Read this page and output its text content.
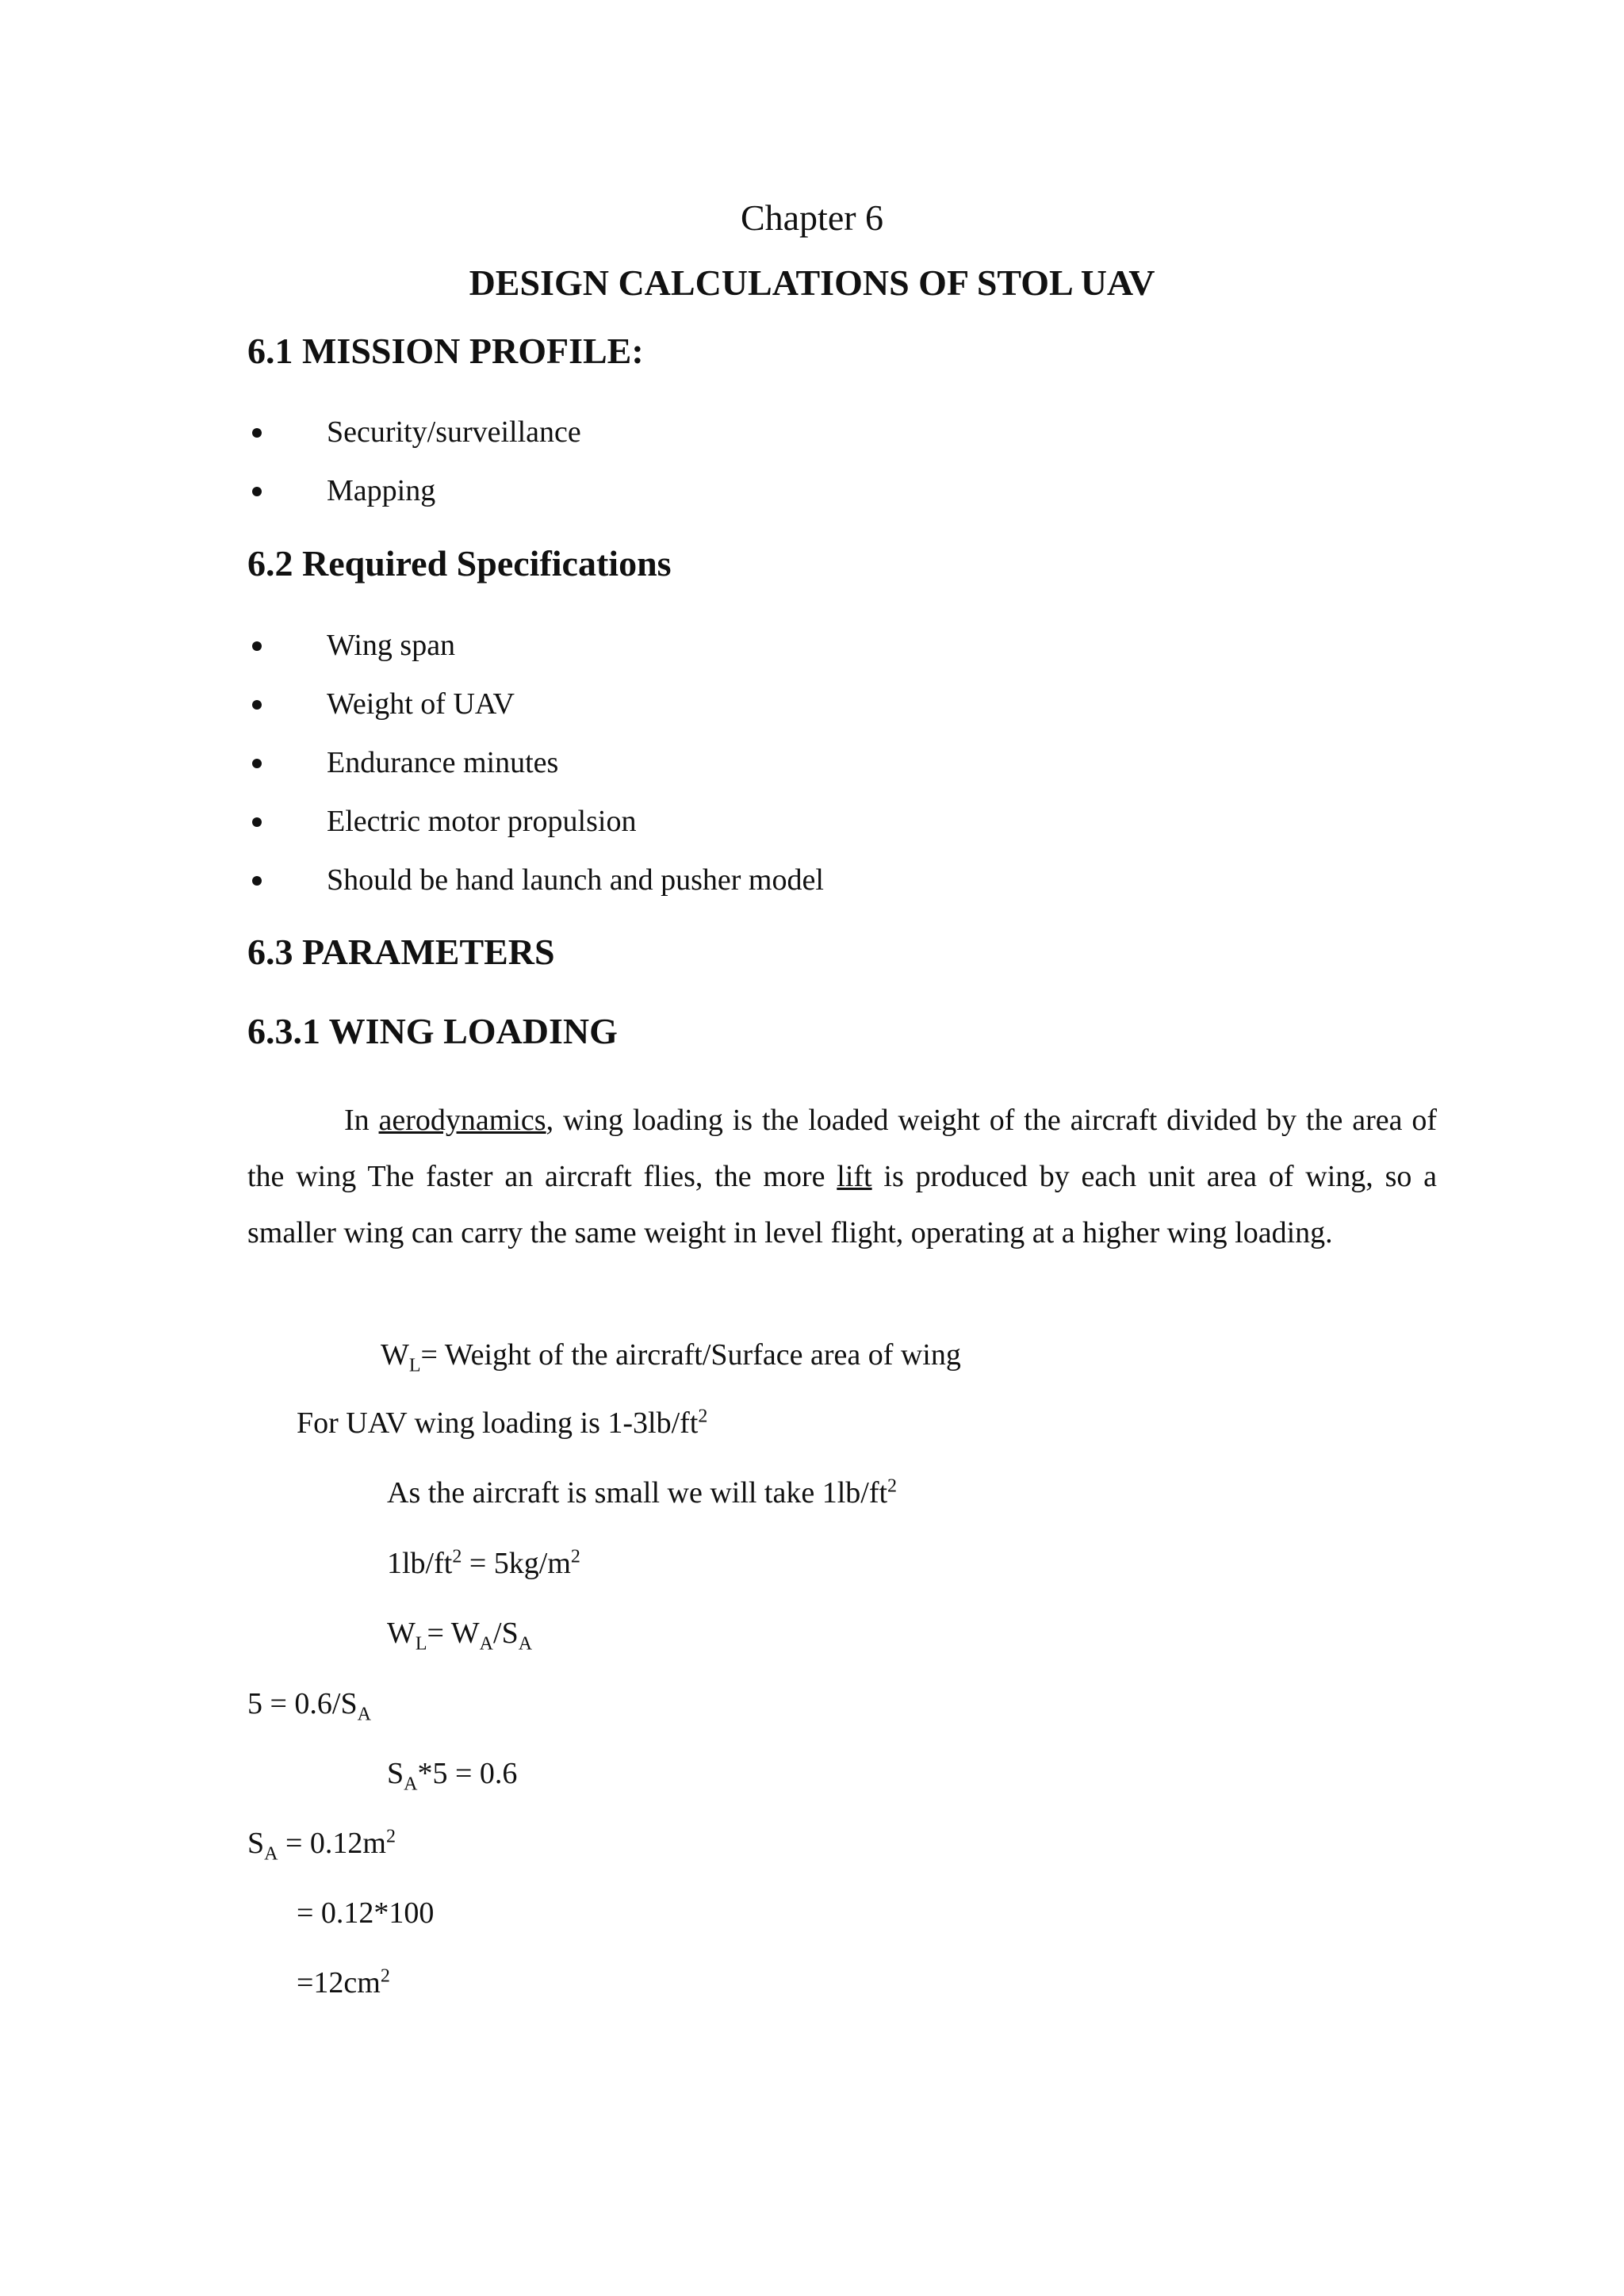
Chapter 6
DESIGN CALCULATIONS OF STOL UAV
6.1 MISSION PROFILE:
Security/surveillance
Mapping
6.2 Required Specifications
Wing span
Weight of UAV
Endurance minutes
Electric motor propulsion
Should be hand launch and pusher model
6.3 PARAMETERS
6.3.1 WING LOADING
In aerodynamics, wing loading is the loaded weight of the aircraft divided by the area of the wing The faster an aircraft flies, the more lift is produced by each unit area of wing, so a smaller wing can carry the same weight in level flight, operating at a higher wing loading.
$W_L=$ Weight of the aircraft/Surface area of wing
For UAV wing loading is $1-3lb/ft^2$
As the aircraft is small we will take $1lb/ft^2$
$1lb/ft^2 = 5kg/m^2$
$W_L= W_A/S_A$
$5 = 0.6/S_A$
$S_A*5 = 0.6$
$S_A = 0.12m^2$
= 0.12*100
$=12cm^2$
